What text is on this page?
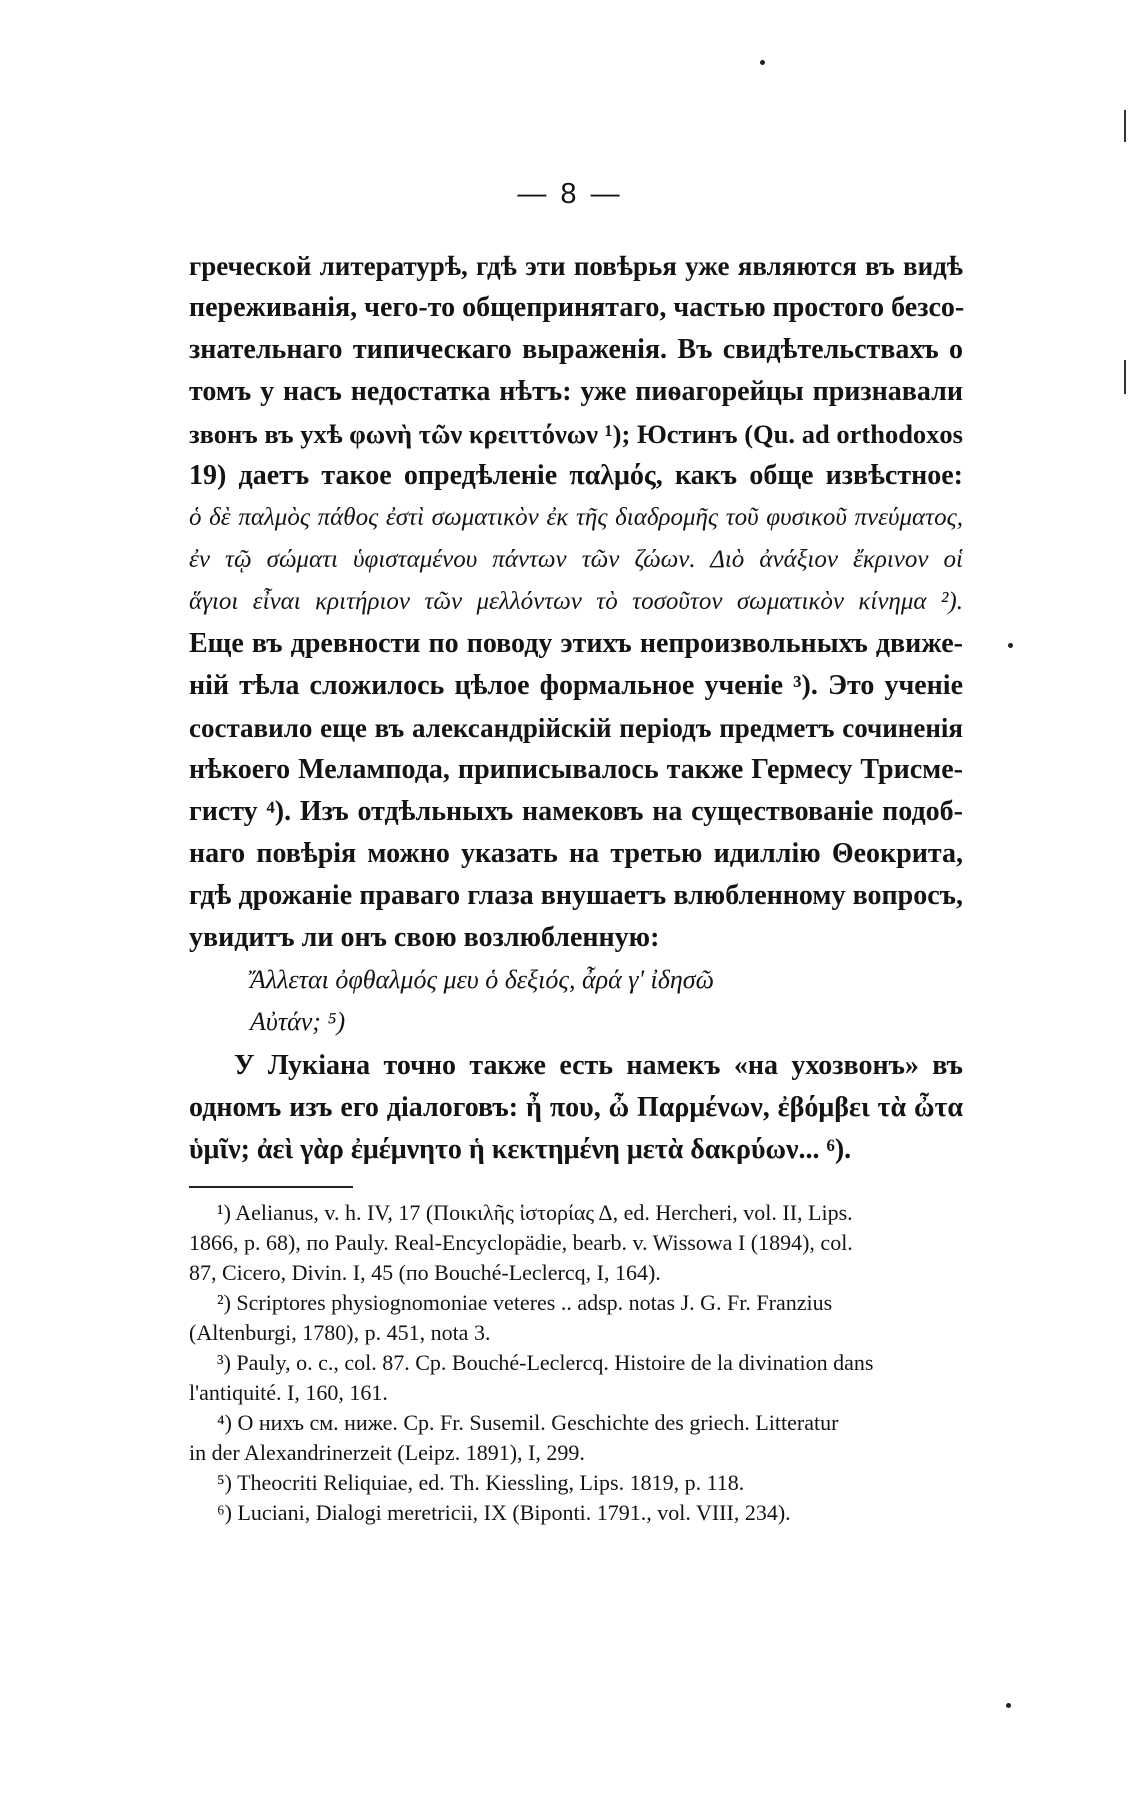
— 8 —
греческой литературѣ, гдѣ эти повѣрья уже являются въ видѣ
переживанія, чего-то общепринятаго, частью простого безсо-
знательнаго типическаго выраженія. Въ свидѣтельствахъ о
томъ у насъ недостатка нѣтъ: уже пиѳагорейцы признавали
звонъ въ ухѣ φωνὴ τῶν κρειττόνων ¹); Юстинъ (Qu. ad orthodoxos
19) даетъ такое опредѣленіе παλμός, какъ обще извѣстное:
ὁ δὲ παλμὸς πάθος ἐστὶ σωματικὸν ἐκ τῆς διαδρομῆς τοῦ φυσικοῦ πνεύματος,
ἐν τῷ σώματι ὑφισταμένου πάντων τῶν ζώων. Διὸ ἀνάξιον ἔκρινον οἱ
ἅγιοι εἶναι κριτήριον τῶν μελλόντων τὸ τοσοῦτον σωματικὸν κίνημα ²).
Еще въ древности по поводу этихъ непроизвольныхъ движе-
ній тѣла сложилось цѣлое формальное ученіе ³). Это ученіе
составило еще въ александрійскій періодъ предметъ сочиненія
нѣкоего Мелампода, приписывалось также Гермесу Трисме-
гисту ⁴). Изъ отдѣльныхъ намековъ на существованіе подоб-
наго повѣрія можно указать на третью идиллію Θеокрита,
гдѣ дрожаніе праваго глаза внушаетъ влюбленному вопросъ,
увидитъ ли онъ свою возлюбленную:
Ἄλλεται ὀφθαλμός μευ ὁ δεξιός, ἆρά γ' ἰδησῶ
Αὐτάν; ⁵)
У Лукіана точно также есть намекъ «на ухозвонъ» въ
одномъ изъ его діалоговъ: ἦ που, ὦ Παρμένων, ἐβόμβει τὰ ὦτα
ὑμῖν; ἀεὶ γὰρ ἐμέμνητο ἡ κεκτημένη μετὰ δακρύων... ⁶).
¹) Aelianus, v. h. IV, 17 (Ποικιλῆς ἱστορίας Δ, ed. Hercheri, vol. II, Lips.
1866, p. 68), по Pauly. Real-Encyclopädie, bearb. v. Wissowa I (1894), col.
87, Cicero, Divin. I, 45 (по Bouché-Leclercq, I, 164).
²) Scriptores physiognomoniae veteres .. adsp. notas J. G. Fr. Franzius
(Altenburgi, 1780), p. 451, nota 3.
³) Pauly, o. c., col. 87. Cp. Bouché-Leclercq. Histoire de la divination dans
l'antiquité. I, 160, 161.
⁴) О нихъ см. ниже. Cp. Fr. Susemil. Geschichte des griech. Litteratur
in der Alexandrinerzeit (Leipz. 1891), I, 299.
⁵) Theocriti Reliquiae, ed. Th. Kiessling, Lips. 1819, p. 118.
⁶) Luciani, Dialogi meretricii, IX (Biponti. 1791., vol. VIII, 234).
